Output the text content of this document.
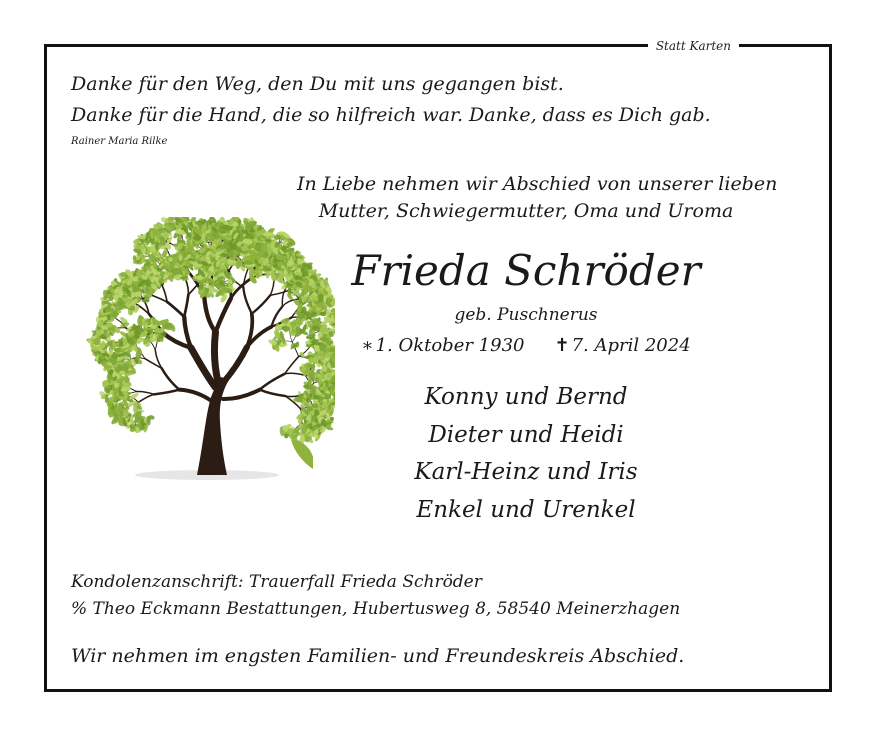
Statt Karten
Danke für den Weg, den Du mit uns gegangen bist.
Danke für die Hand, die so hilfreich war. Danke, dass es Dich gab.
Rainer Maria Rilke
In Liebe nehmen wir Abschied von unserer lieben
Mutter, Schwiegermutter, Oma und Uroma
Frieda Schröder
geb. Puschnerus
∗ 1. Oktober 1930 ✝ 7. April 2024
Konny und Bernd
Dieter und Heidi
Karl-Heinz und Iris
Enkel und Urenkel
Kondolenzanschrift: Trauerfall Frieda Schröder
% Theo Eckmann Bestattungen, Hubertusweg 8, 58540 Meinerzhagen
Wir nehmen im engsten Familien- und Freundeskreis Abschied.
